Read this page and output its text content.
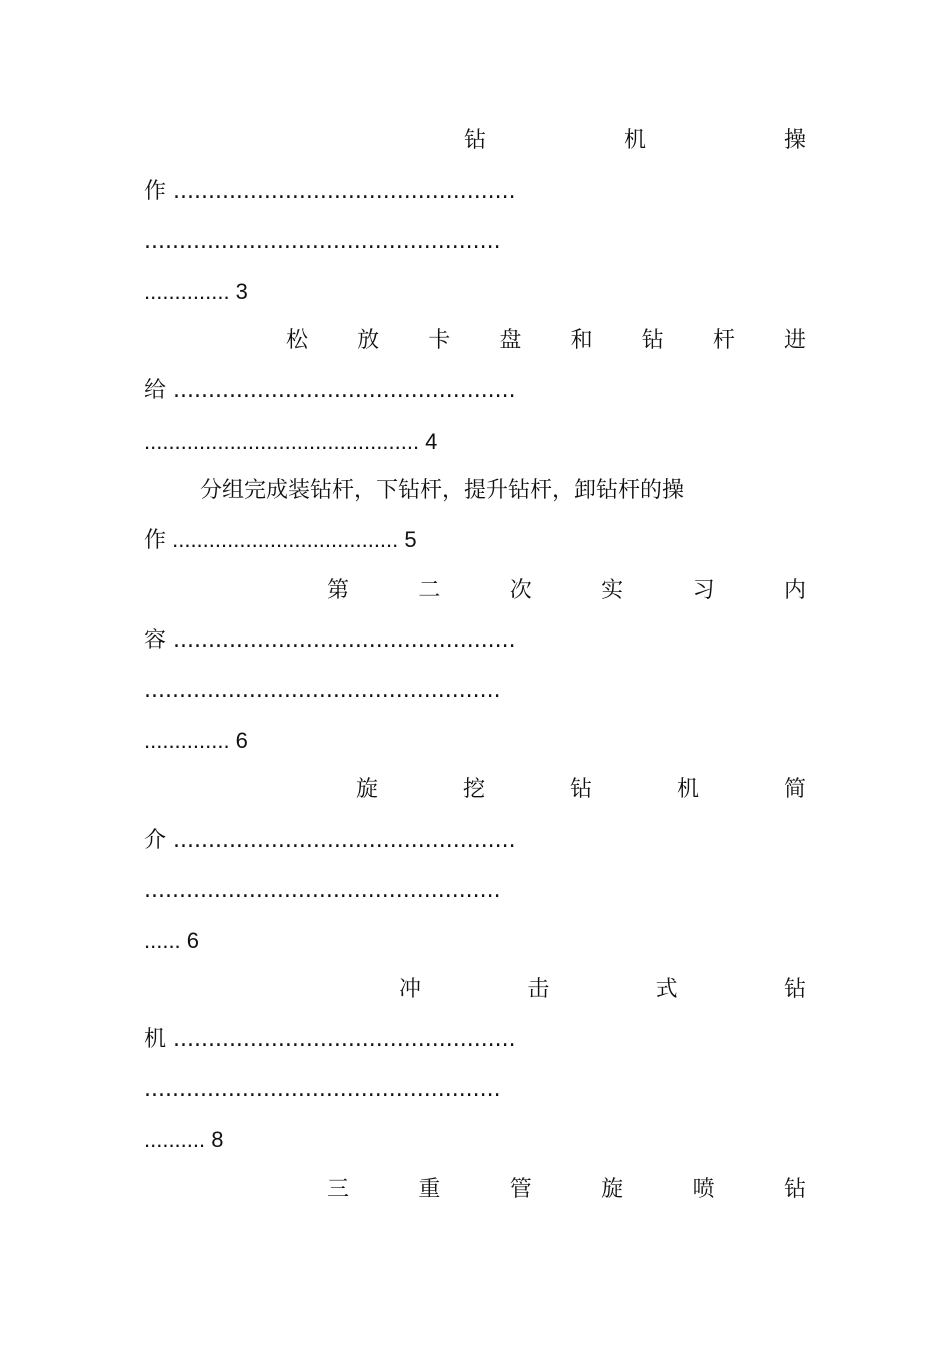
钻	机	操
作 .................................................
...................................................
.............. 3
松 放 卡 盘 和 钻 杆 进
给 .................................................
............................................. 4
分组完成装钻杆，下钻杆，提升钻杆，卸钻杆的操
作 ..................................... 5
第	二	次	实	习	内
容 .................................................
...................................................
.............. 6
旋	挖	钻	机	简
介 .................................................
...................................................
...... 6
冲	击	式	钻
机 .................................................
...................................................
.......... 8
三	重	管	旋	喷	钻
